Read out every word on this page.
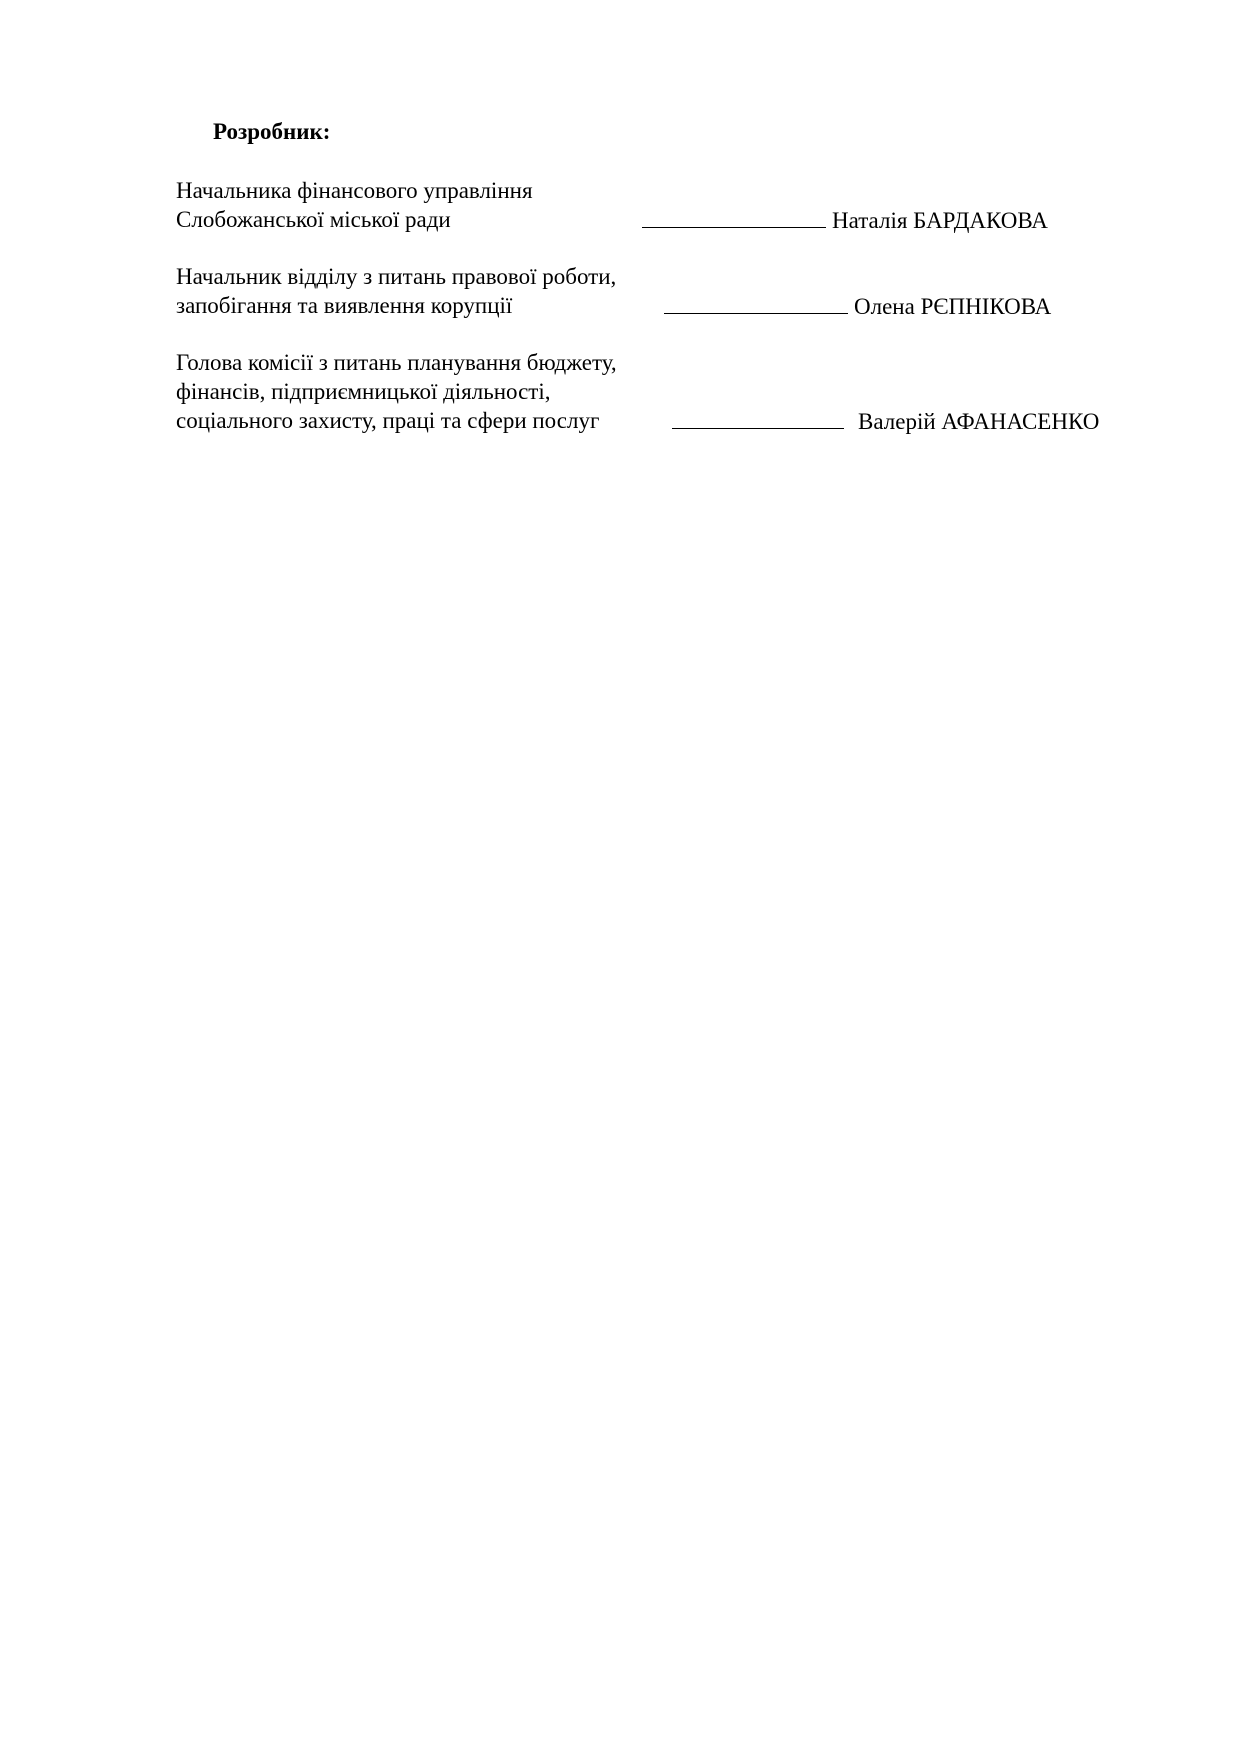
Розробник:
Начальника фінансового управління
Слобожанської міської ради	Наталія БАРДАКОВА
Начальник відділу з питань правової роботи,
запобігання та виявлення корупції	Олена РЄПНІКОВА
Голова комісії з питань планування бюджету,
фінансів, підприємницької діяльності,
соціального захисту, праці та сфери послуг	Валерій АФАНАСЕНКО
